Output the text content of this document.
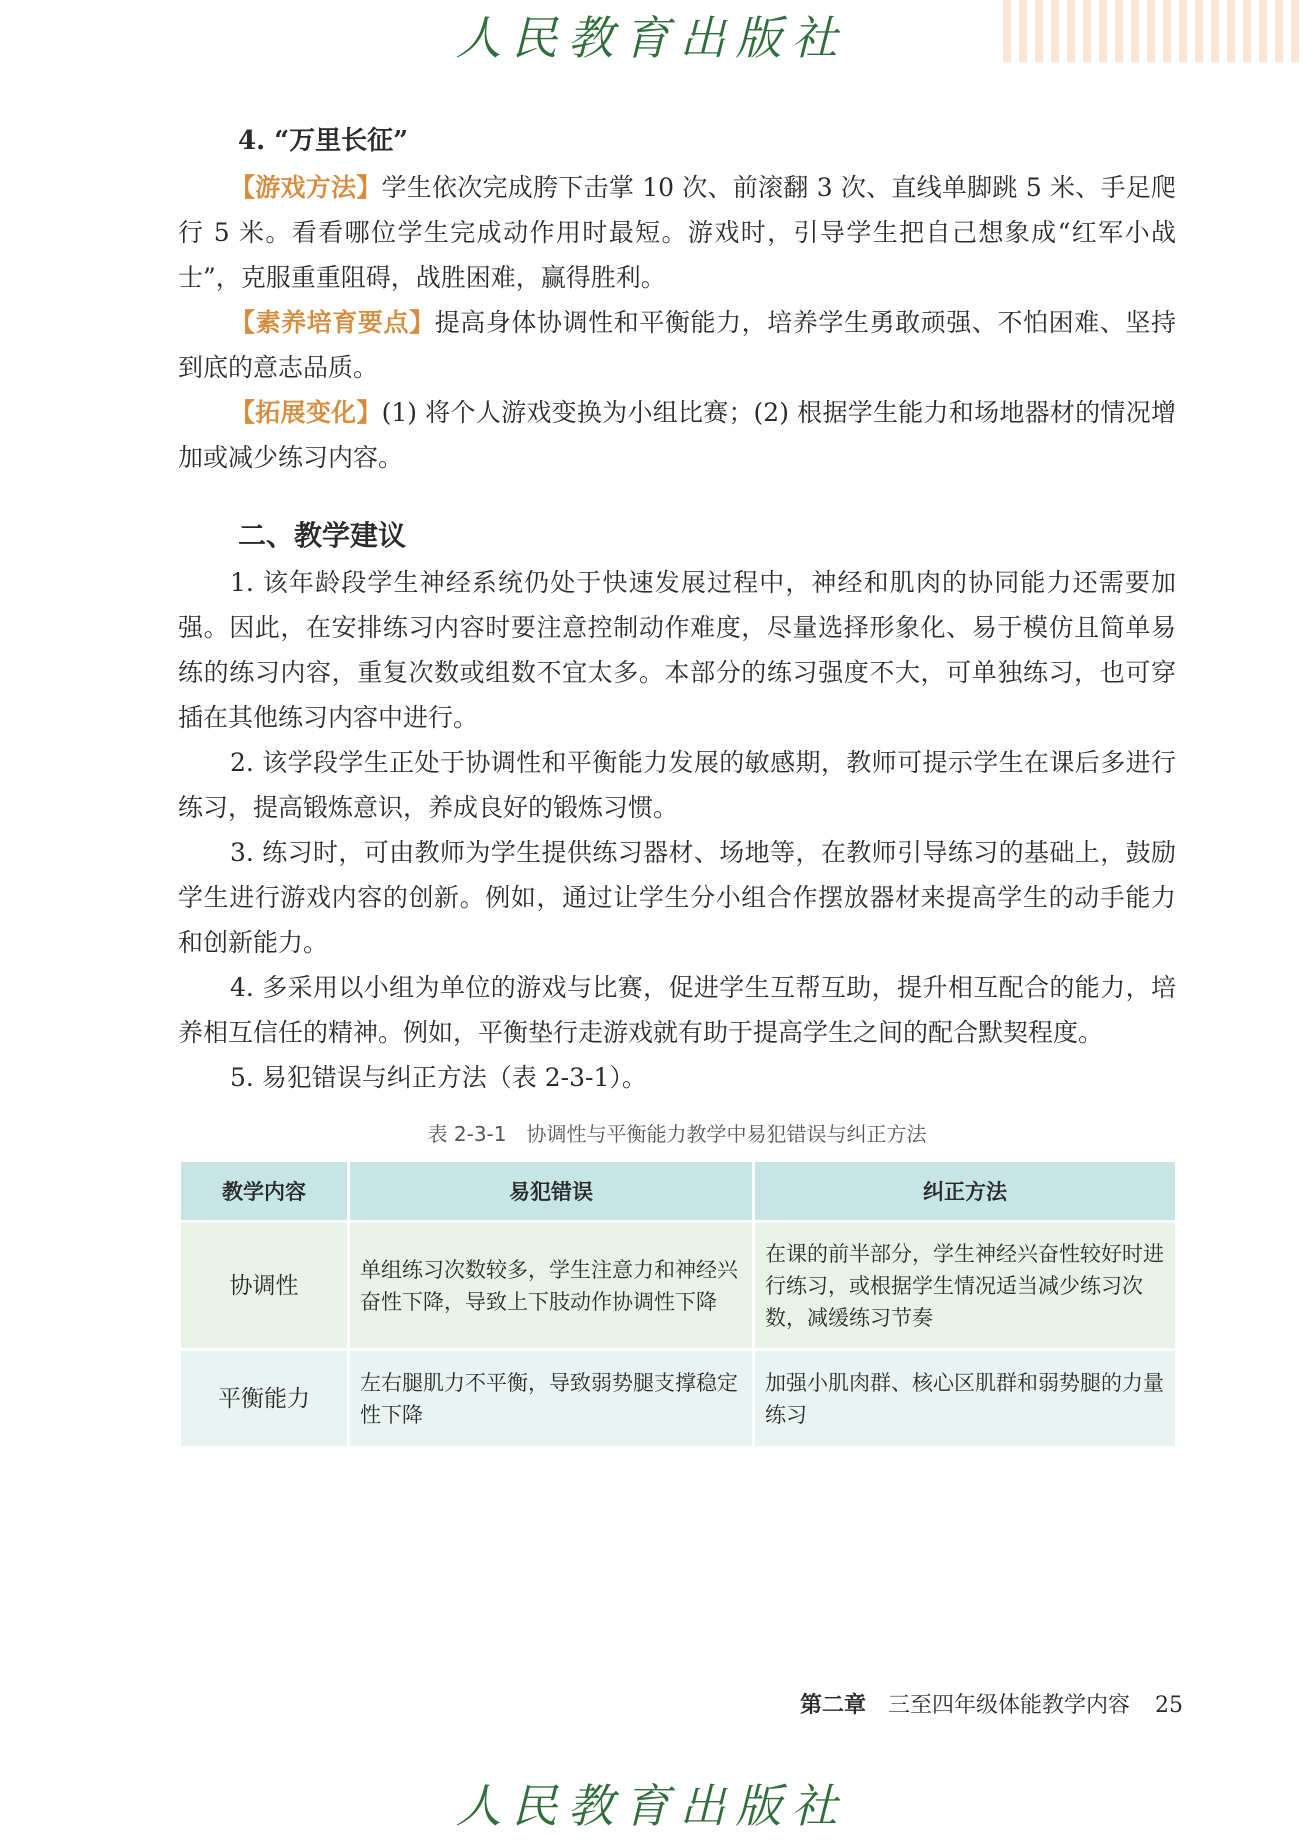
人民教育出版社
4. “万里长征”

【游戏方法】学生依次完成胯下击掌 10 次、前滚翻 3 次、直线单脚跳 5 米、手足爬行 5 米。看看哪位学生完成动作用时最短。游戏时，引导学生把自己想象成“红军小战士”，克服重重阻碍，战胜困难，赢得胜利。

【素养培育要点】提高身体协调性和平衡能力，培养学生勇敢顽强、不怕困难、坚持到底的意志品质。

【拓展变化】(1) 将个人游戏变换为小组比赛；(2) 根据学生能力和场地器材的情况增加或减少练习内容。

二、教学建议

1. 该年龄段学生神经系统仍处于快速发展过程中，神经和肌肉的协同能力还需要加强。因此，在安排练习内容时要注意控制动作难度，尽量选择形象化、易于模仿且简单易练的练习内容，重复次数或组数不宜太多。本部分的练习强度不大，可单独练习，也可穿插在其他练习内容中进行。

2. 该学段学生正处于协调性和平衡能力发展的敏感期，教师可提示学生在课后多进行练习，提高锻炼意识，养成良好的锻炼习惯。

3. 练习时，可由教师为学生提供练习器材、场地等，在教师引导练习的基础上，鼓励学生进行游戏内容的创新。例如，通过让学生分小组合作摆放器材来提高学生的动手能力和创新能力。

4. 多采用以小组为单位的游戏与比赛，促进学生互帮互助，提升相互配合的能力，培养相互信任的精神。例如，平衡垫行走游戏就有助于提高学生之间的配合默契程度。

5. 易犯错误与纠正方法（表 2-3-1）。

表 2-3-1　协调性与平衡能力教学中易犯错误与纠正方法
教学内容	易犯错误	纠正方法
协调性	单组练习次数较多，学生注意力和神经兴奋性下降，导致上下肢动作协调性下降	在课的前半部分，学生神经兴奋性较好时进行练习，或根据学生情况适当减少练习次数，减缓练习节奏
平衡能力	左右腿肌力不平衡，导致弱势腿支撑稳定性下降	加强小肌肉群、核心区肌群和弱势腿的力量练习
第二章 三至四年级体能教学内容 25
人民教育出版社
